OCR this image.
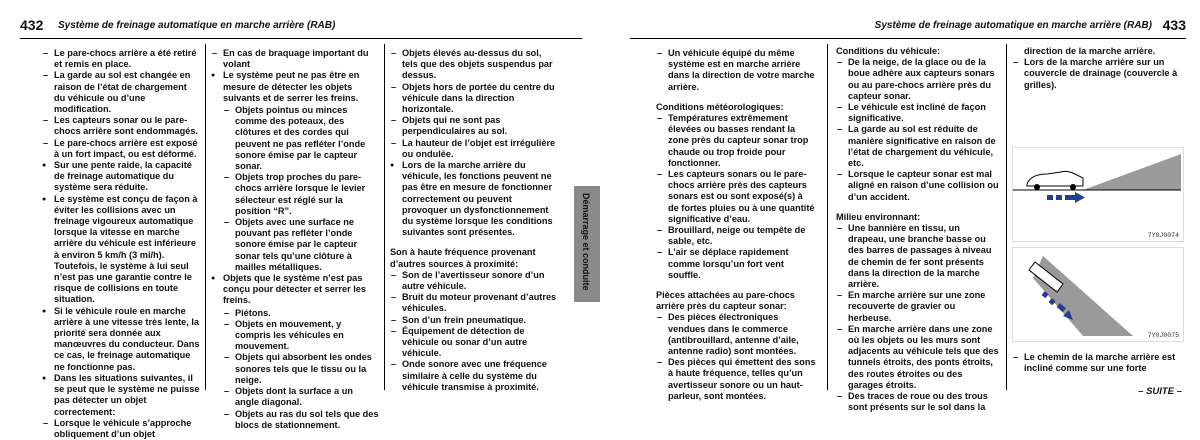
432 Système de freinage automatique en marche arrière (RAB)
– Le pare-chocs arrière a été retiré et remis en place.
– La garde au sol est changée en raison de l’état de chargement du véhicule ou d’une modification.
– Les capteurs sonar ou le pare-chocs arrière sont endommagés.
– Le pare-chocs arrière est exposé à un fort impact, ou est déformé.
● Sur une pente raide, la capacité de freinage automatique du système sera réduite.
● Le système est conçu de façon à éviter les collisions avec un freinage vigoureux automatique lorsque la vitesse en marche arrière du véhicule est inférieure à environ 5 km/h (3 mi/h). Toutefois, le système à lui seul n’est pas une garantie contre le risque de collisions en toute situation.
● Si le véhicule roule en marche arrière à une vitesse très lente, la priorité sera donnée aux manœuvres du conducteur. Dans ce cas, le freinage automatique ne fonctionne pas.
● Dans les situations suivantes, il se peut que le système ne puisse pas détecter un objet correctement:
– Lorsque le véhicule s’approche obliquement d’un objet
– En cas de braquage important du volant

● Le système peut ne pas être en mesure de détecter les objets suivants et de serrer les freins.

– Objets pointus ou minces comme des poteaux, des clôtures et des cordes qui peuvent ne pas refléter l’onde sonore émise par le capteur sonar.
– Objets trop proches du pare-chocs arrière lorsque le levier sélecteur est réglé sur la position “R”.
– Objets avec une surface ne pouvant pas refléter l’onde sonore émise par le capteur sonar tels qu’une clôture à mailles métalliques.

● Objets que le système n’est pas conçu pour détecter et serrer les freins.

– Piétons.
– Objets en mouvement, y compris les véhicules en mouvement.
– Objets qui absorbent les ondes sonores tels que le tissu ou la neige.
– Objets dont la surface a un angle diagonal.
– Objets au ras du sol tels que des blocs de stationnement.
– Objets élevés au-dessus du sol, tels que des objets suspendus par dessus.
– Objets hors de portée du centre du véhicule dans la direction horizontale.
– Objets qui ne sont pas perpendiculaires au sol.
– La hauteur de l’objet est irrégulière ou ondulée.
● Lors de la marche arrière du véhicule, les fonctions peuvent ne pas être en mesure de fonctionner correctement ou peuvent provoquer un dysfonctionnement du système lorsque les conditions suivantes sont présentes.

Son à haute fréquence provenant d’autres sources à proximité:

– Son de l’avertisseur sonore d’un autre véhicule.
– Bruit du moteur provenant d’autres véhicules.
– Son d’un frein pneumatique.
– Équipement de détection de véhicule ou sonar d’un autre véhicule.
– Onde sonore avec une fréquence similaire à celle du système du véhicule transmise à proximité.
Démarrage et conduite
Système de freinage automatique en marche arrière (RAB) 433
– Un véhicule équipé du même système est en marche arrière dans la direction de votre marche arrière.

Conditions météorologiques:

– Températures extrêmement élevées ou basses rendant la zone près du capteur sonar trop chaude ou trop froide pour fonctionner.
– Les capteurs sonars ou le pare-chocs arrière près des capteurs sonars est ou sont exposé(s) à de fortes pluies ou à une quantité significative d’eau.
– Brouillard, neige ou tempête de sable, etc.
– L’air se déplace rapidement comme lorsqu’un fort vent souffle.

Pièces attachées au pare-chocs arrière près du capteur sonar:

– Des pièces électroniques vendues dans le commerce (antibrouillard, antenne d’aile, antenne radio) sont montées.
– Des pièces qui émettent des sons à haute fréquence, telles qu’un avertisseur sonore ou un haut-parleur, sont montées.

Conditions du véhicule:

– De la neige, de la glace ou de la boue adhère aux capteurs sonars ou au pare-chocs arrière près du capteur sonar.
– Le véhicule est incliné de façon significative.
– La garde au sol est réduite de manière significative en raison de l’état de chargement du véhicule, etc.
– Lorsque le capteur sonar est mal aligné en raison d’une collision ou d’un accident.

Milieu environnant:

– Une bannière en tissu, un drapeau, une branche basse ou des barres de passages à niveau de chemin de fer sont présents dans la direction de la marche arrière.
– En marche arrière sur une zone recouverte de gravier ou herbeuse.
– En marche arrière dans une zone où les objets ou les murs sont adjacents au véhicule tels que des tunnels étroits, des ponts étroits, des routes étroites ou des garages étroits.
– Des traces de roue ou des trous sont présents sur le sol dans la

direction de la marche arrière.

– Lors de la marche arrière sur un couvercle de drainage (couvercle à grilles).
7Y0J0074
7Y0J0075
– Le chemin de la marche arrière est incliné comme sur une forte
– SUITE –
